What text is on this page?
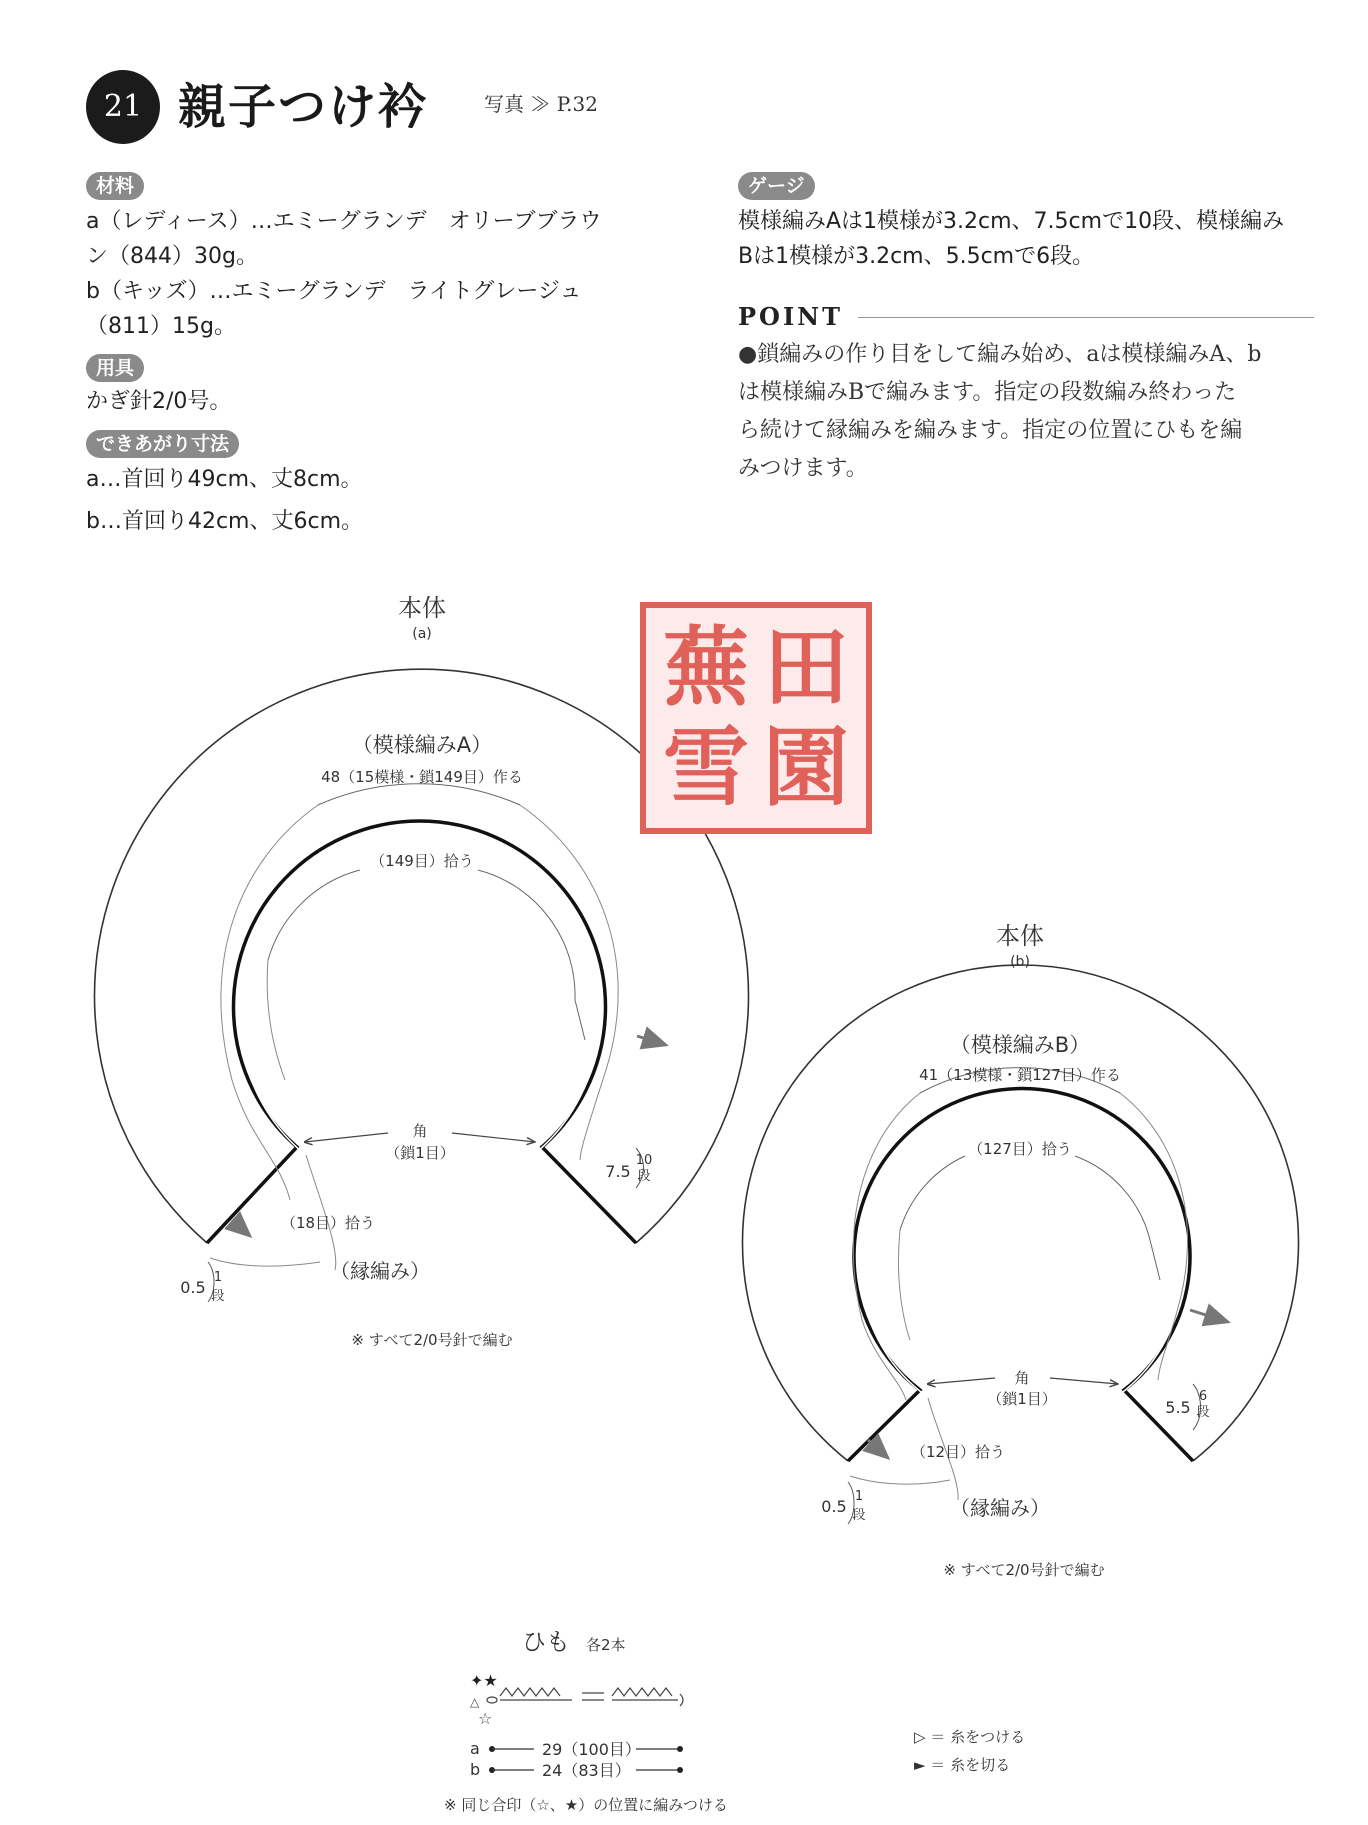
21 親子つけ衿	写真 ≫ P.32
材料
a（レディース）…エミーグランデ　オリーブブラウ
ン（844）30g。
b（キッズ）…エミーグランデ　ライトグレージュ
（811）15g。
用具
かぎ針2/0号。
できあがり寸法
a…首回り49cm、丈8cm。
b…首回り42cm、丈6cm。
ゲージ
模様編みAは1模様が3.2cm、7.5cmで10段、模様編み
Bは1模様が3.2cm、5.5cmで6段。
POINT
●鎖編みの作り目をして編み始め、aは模様編みA、b
は模様編みBで編みます。指定の段数編み終わった
ら続けて縁編みを編みます。指定の位置にひもを編
みつけます。
本体
(a)
（模様編みA）
48（15模様・鎖149目）作る
（149目）拾う
角
（鎖1目）
（18目）拾う
（縁編み）
7.5
10
段
0.5
1
段
※ すべて2/0号針で編む
本体
(b)
（模様編みB）
41（13模様・鎖127目）作る
（127目）拾う
角
（鎖1目）
（12目）拾う
（縁編み）
5.5
6
段
0.5
1
段
※ すべて2/0号針で編む
ひも 各2本
✦★
☆
△
a	29（100目）
b	24（83目）
※ 同じ合印（☆、★）の位置に編みつける
▷ ＝ 糸をつける
► ＝ 糸を切る
蕪 田
雪 園
